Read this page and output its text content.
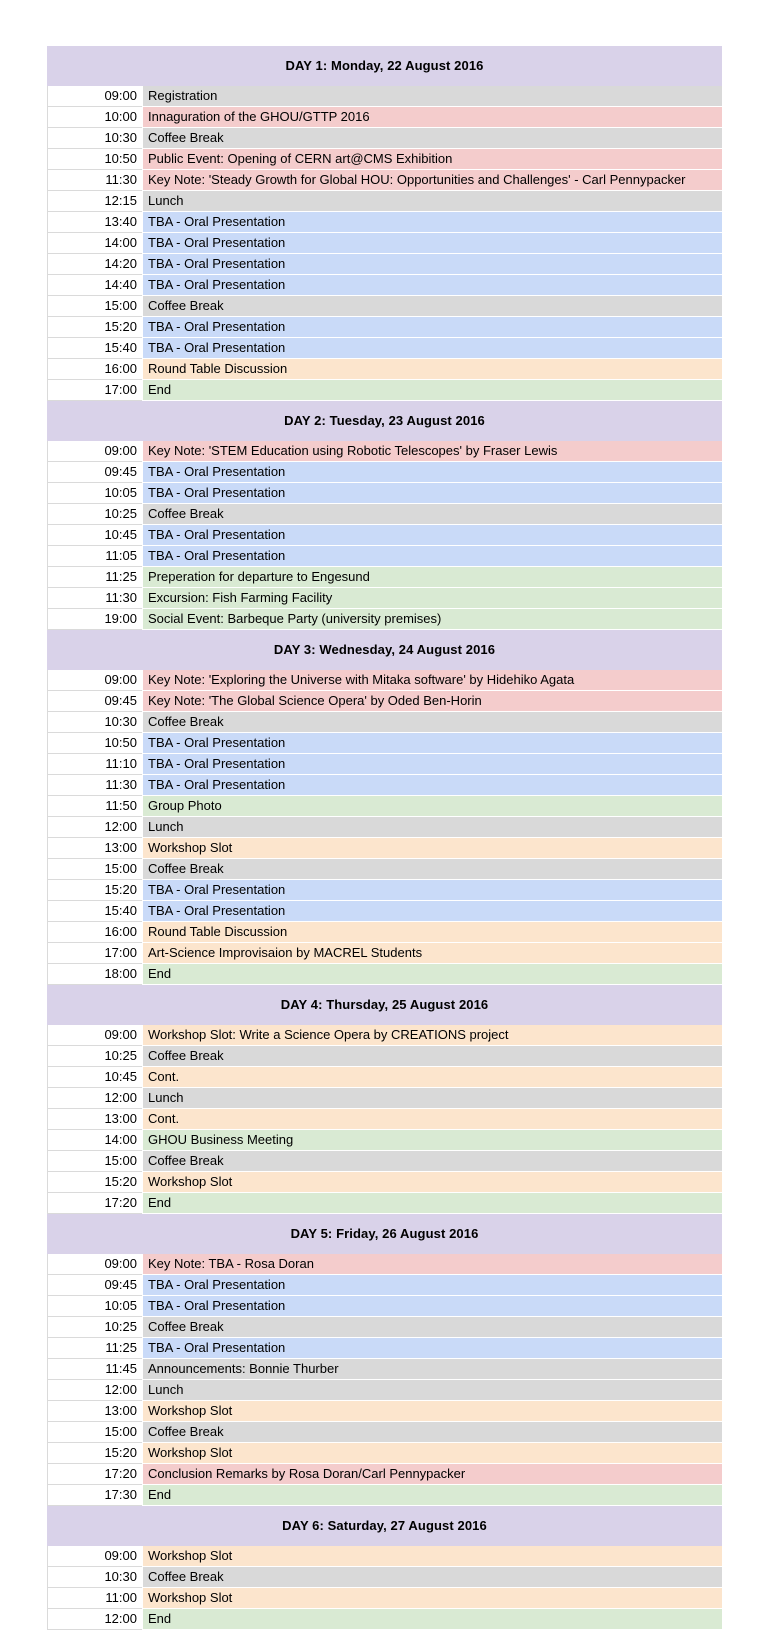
DAY 1: Monday, 22 August 2016
09:00 Registration
10:00 Innaguration of the GHOU/GTTP 2016
10:30 Coffee Break
10:50 Public Event: Opening of CERN art@CMS Exhibition
11:30 Key Note: 'Steady Growth for Global HOU: Opportunities and Challenges' - Carl Pennypacker
12:15 Lunch
13:40 TBA - Oral Presentation
14:00 TBA - Oral Presentation
14:20 TBA - Oral Presentation
14:40 TBA - Oral Presentation
15:00 Coffee Break
15:20 TBA - Oral Presentation
15:40 TBA - Oral Presentation
16:00 Round Table Discussion
17:00 End
DAY 2: Tuesday, 23 August 2016
09:00 Key Note: 'STEM Education using Robotic Telescopes' by Fraser Lewis
09:45 TBA - Oral Presentation
10:05 TBA - Oral Presentation
10:25 Coffee Break
10:45 TBA - Oral Presentation
11:05 TBA - Oral Presentation
11:25 Preperation for departure to Engesund
11:30 Excursion: Fish Farming Facility
19:00 Social Event: Barbeque Party (university premises)
DAY 3: Wednesday, 24 August 2016
09:00 Key Note: 'Exploring the Universe with Mitaka software' by Hidehiko Agata
09:45 Key Note: 'The Global Science Opera' by Oded Ben-Horin
10:30 Coffee Break
10:50 TBA - Oral Presentation
11:10 TBA - Oral Presentation
11:30 TBA - Oral Presentation
11:50 Group Photo
12:00 Lunch
13:00 Workshop Slot
15:00 Coffee Break
15:20 TBA - Oral Presentation
15:40 TBA - Oral Presentation
16:00 Round Table Discussion
17:00 Art-Science Improvisaion by MACREL Students
18:00 End
DAY 4: Thursday, 25 August 2016
09:00 Workshop Slot: Write a Science Opera by CREATIONS project
10:25 Coffee Break
10:45 Cont.
12:00 Lunch
13:00 Cont.
14:00 GHOU Business Meeting
15:00 Coffee Break
15:20 Workshop Slot
17:20 End
DAY 5: Friday, 26 August 2016
09:00 Key Note: TBA - Rosa Doran
09:45 TBA - Oral Presentation
10:05 TBA - Oral Presentation
10:25 Coffee Break
11:25 TBA - Oral Presentation
11:45 Announcements: Bonnie Thurber
12:00 Lunch
13:00 Workshop Slot
15:00 Coffee Break
15:20 Workshop Slot
17:20 Conclusion Remarks by Rosa Doran/Carl Pennypacker
17:30 End
DAY 6: Saturday, 27 August 2016
09:00 Workshop Slot
10:30 Coffee Break
11:00 Workshop Slot
12:00 End
